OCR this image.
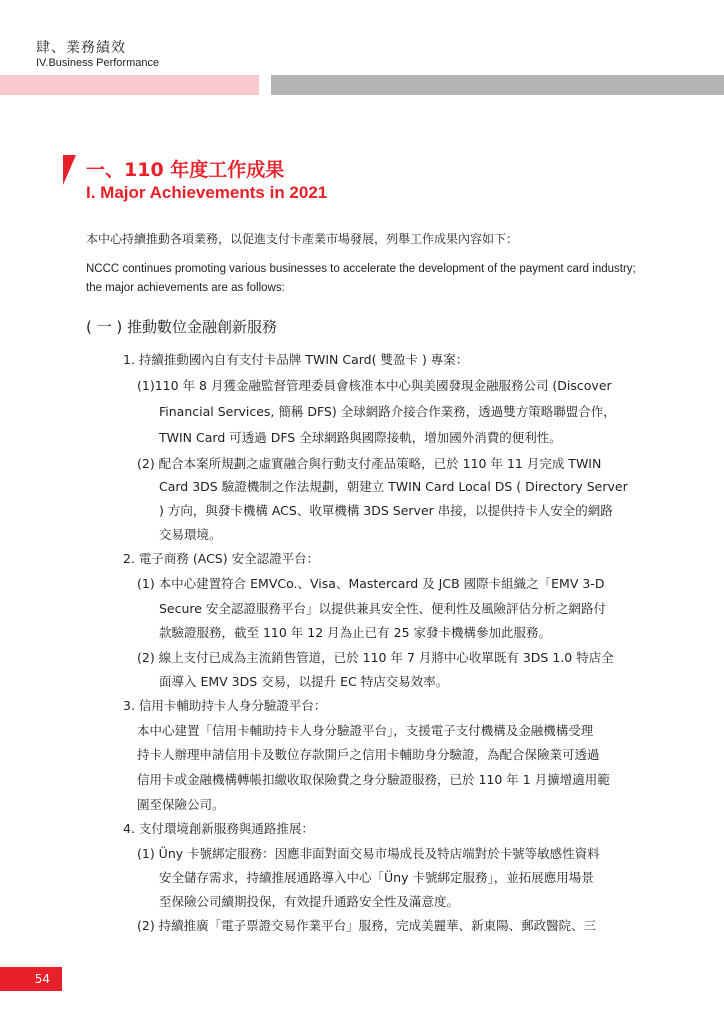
肆、業務績效
IV.Business Performance
一、110 年度工作成果
I. Major Achievements in 2021
本中心持續推動各項業務，以促進支付卡產業市場發展，列舉工作成果內容如下：
NCCC continues promoting various businesses to accelerate the development of the payment card industry; the major achievements are as follows:
( 一 ) 推動數位金融創新服務
1. 持續推動國內自有支付卡品牌 TWIN Card( 雙盈卡 ) 專案：
(1)110 年 8 月獲金融監督管理委員會核准本中心與美國發現金融服務公司 (Discover
Financial Services, 簡稱 DFS) 全球網路介接合作業務，透過雙方策略聯盟合作，
TWIN Card 可透過 DFS 全球網路與國際接軌，增加國外消費的便利性。
(2) 配合本案所規劃之虛實融合與行動支付產品策略，已於 110 年 11 月完成 TWIN
Card 3DS 驗證機制之作法規劃，朝建立 TWIN Card Local DS ( Directory Server
) 方向，與發卡機構 ACS、收單機構 3DS Server 串接，以提供持卡人安全的網路
交易環境。
2. 電子商務 (ACS) 安全認證平台：
(1) 本中心建置符合 EMVCo.、Visa、Mastercard 及 JCB 國際卡組織之「EMV 3-D
Secure 安全認證服務平台」以提供兼具安全性、便利性及風險評估分析之網路付
款驗證服務，截至 110 年 12 月為止已有 25 家發卡機構參加此服務。
(2) 線上支付已成為主流銷售管道，已於 110 年 7 月將中心收單既有 3DS 1.0 特店全
面導入 EMV 3DS 交易，以提升 EC 特店交易效率。
3. 信用卡輔助持卡人身分驗證平台：
本中心建置「信用卡輔助持卡人身分驗證平台」，支援電子支付機構及金融機構受理
持卡人辦理申請信用卡及數位存款開戶之信用卡輔助身分驗證，為配合保險業可透過
信用卡或金融機構轉帳扣繳收取保險費之身分驗證服務，已於 110 年 1 月擴增適用範
圍至保險公司。
4. 支付環境創新服務與通路推展：
(1) Üny 卡號綁定服務：因應非面對面交易市場成長及特店端對於卡號等敏感性資料
安全儲存需求，持續推展通路導入中心「Üny 卡號綁定服務」，並拓展應用場景
至保險公司續期投保，有效提升通路安全性及滿意度。
(2) 持續推廣「電子票證交易作業平台」服務，完成美麗華、新東陽、郵政醫院、三
54
